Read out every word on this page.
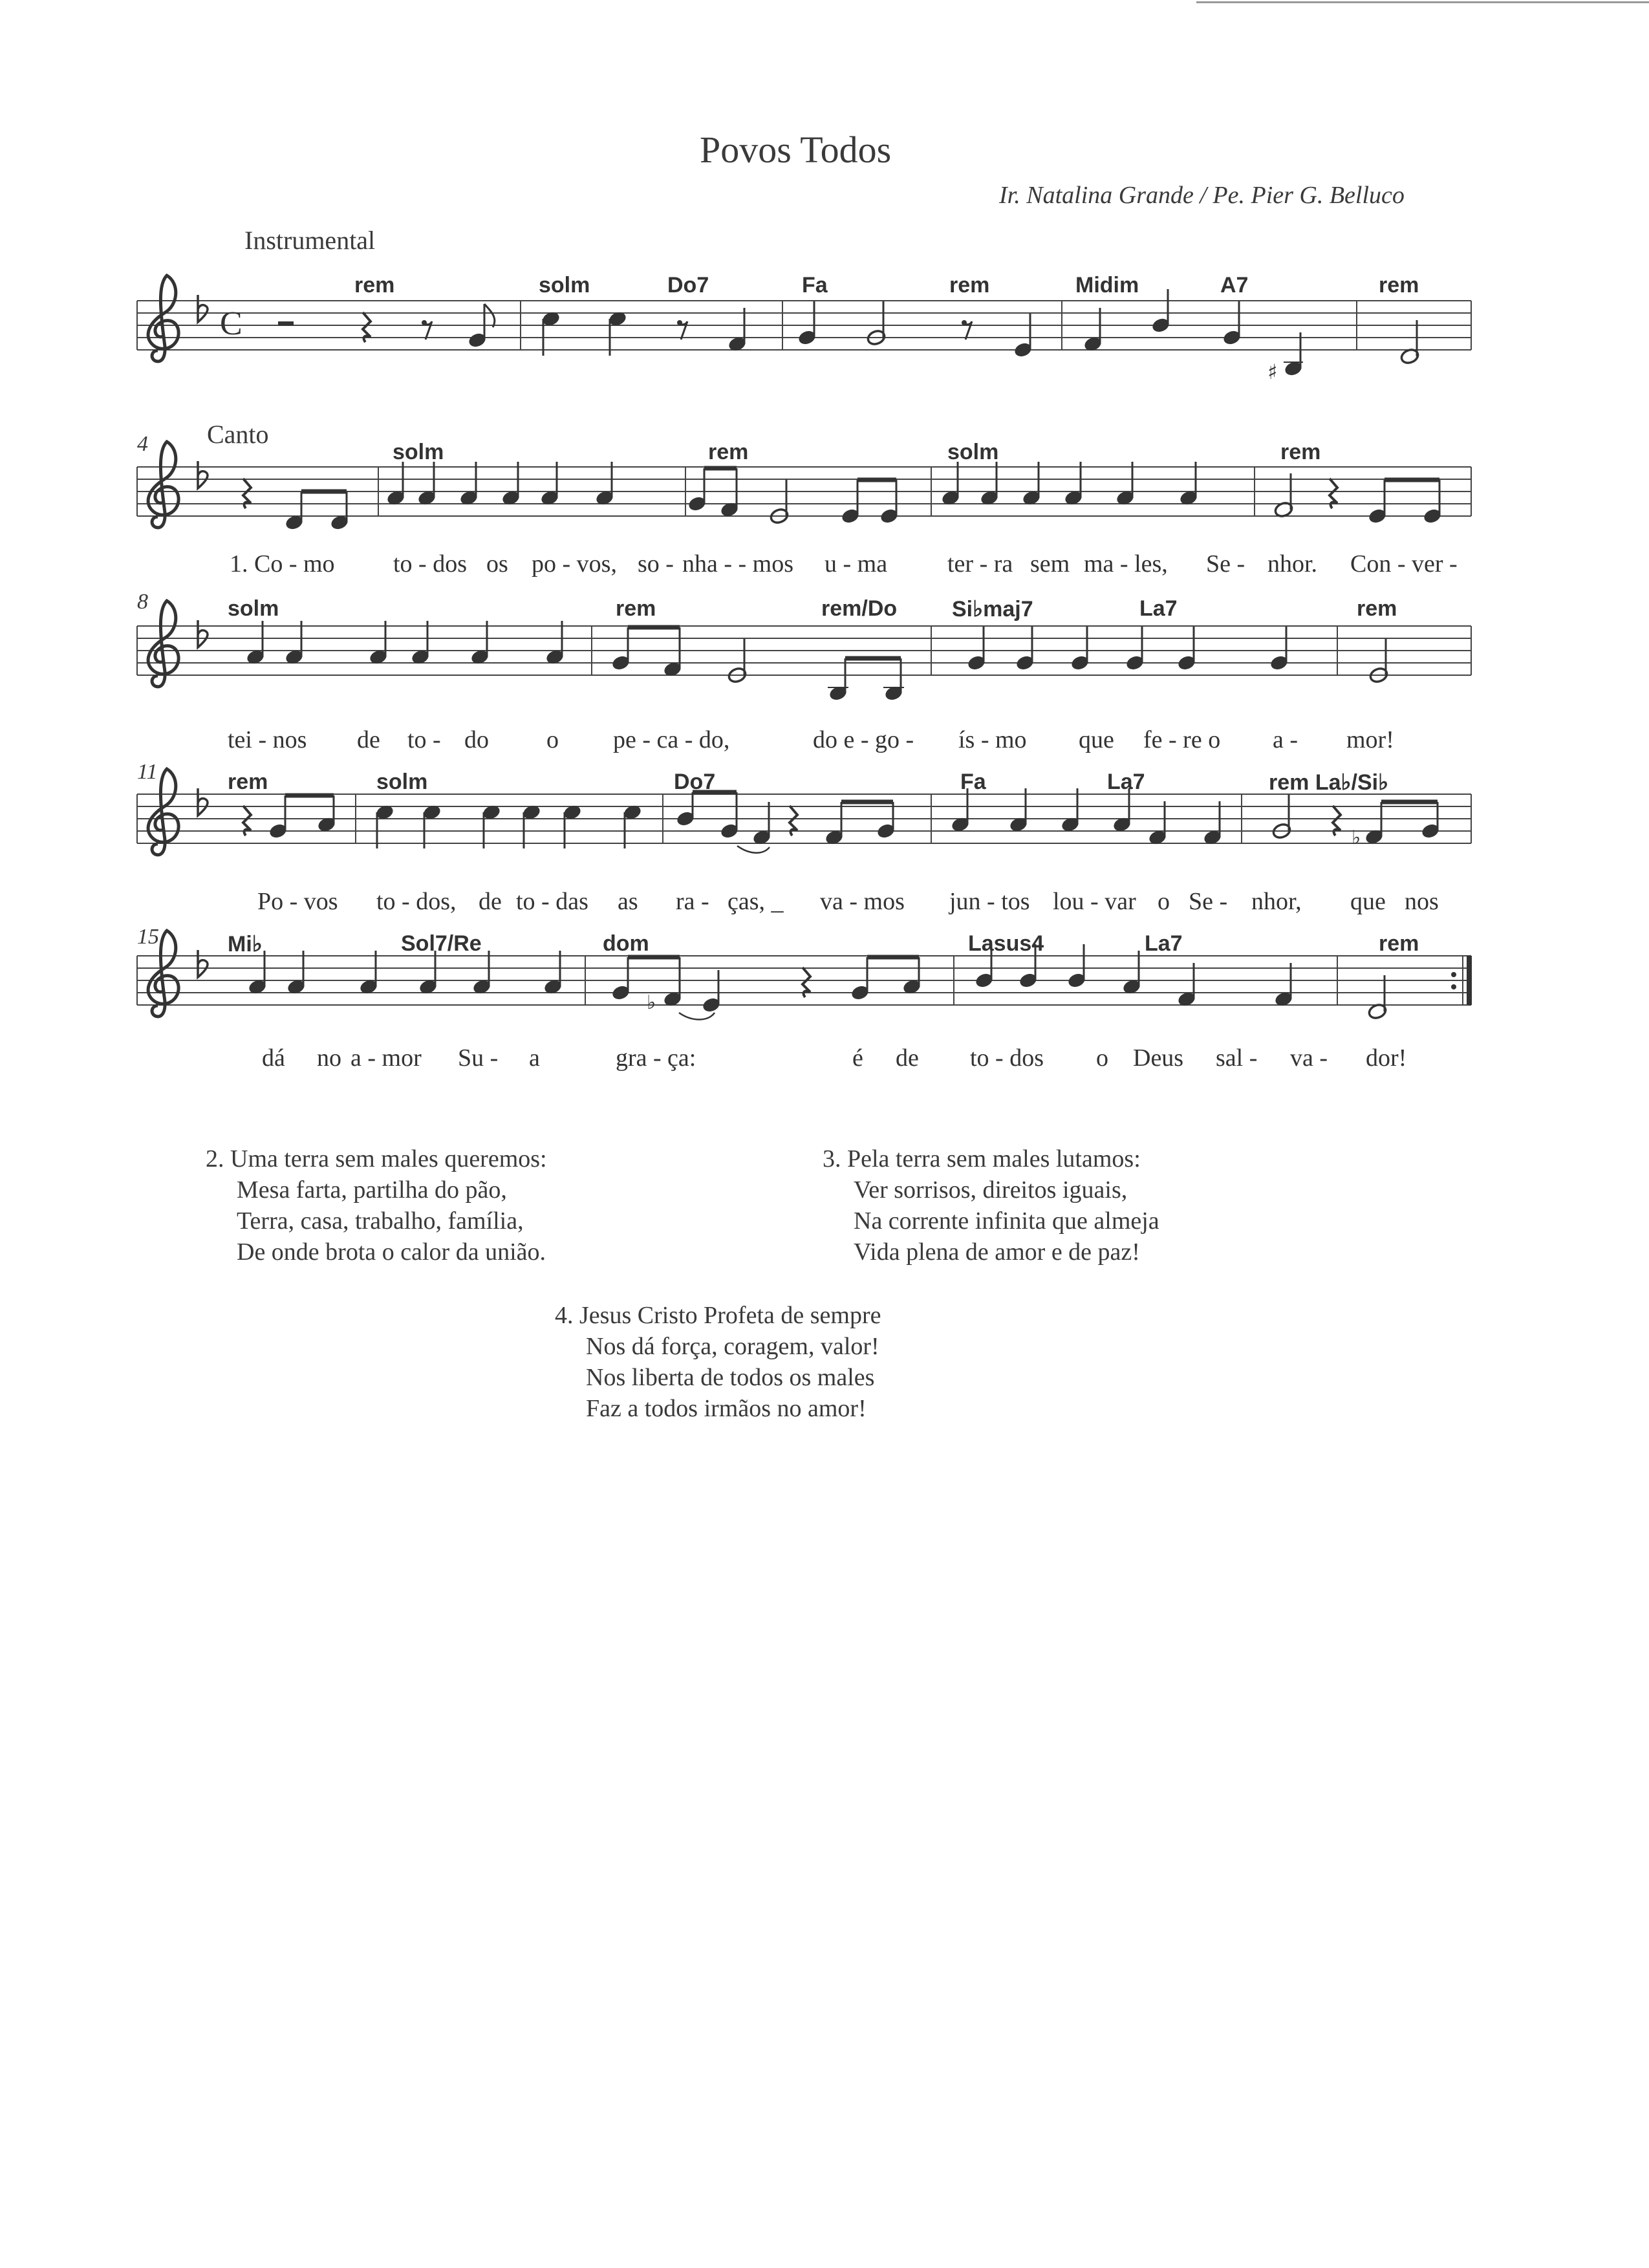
Povos Todos
Ir. Natalina Grande / Pe. Pier G. Belluco
Instrumental
Canto
4
8
11
15
rem	solm	Do7	Fa	rem	Midim	A7	rem
solm	rem	solm	rem
solm	rem	rem/Do Si♭maj7	La7	rem
rem	solm	Do7	Fa	La7	rem La♭/Si♭
Mi♭	Sol7/Re	dom	Lasus4	La7	rem
1. Co - mo to - dos os po - vos, so - nha - - mos u - ma ter - ra sem ma - les, Se - nhor. Con - ver -
tei - nos de to - do o pe - ca - do,	do e - go - ís - mo que fe - re o a - mor!
Po - vos to - dos, de to - das as ra - ças, _ va - mos jun - tos lou - var o Se - nhor, que nos
dá no a - mor Su - a	gra - ça:	é de to - dos o Deus sal - va - dor!
C
♯
♭
♭
2. Uma terra sem males queremos:
Mesa farta, partilha do pão,
Terra, casa, trabalho, família,
De onde brota o calor da união.
3. Pela terra sem males lutamos:
Ver sorrisos, direitos iguais,
Na corrente infinita que almeja
Vida plena de amor e de paz!
4. Jesus Cristo Profeta de sempre
Nos dá força, coragem, valor!
Nos liberta de todos os males
Faz a todos irmãos no amor!
